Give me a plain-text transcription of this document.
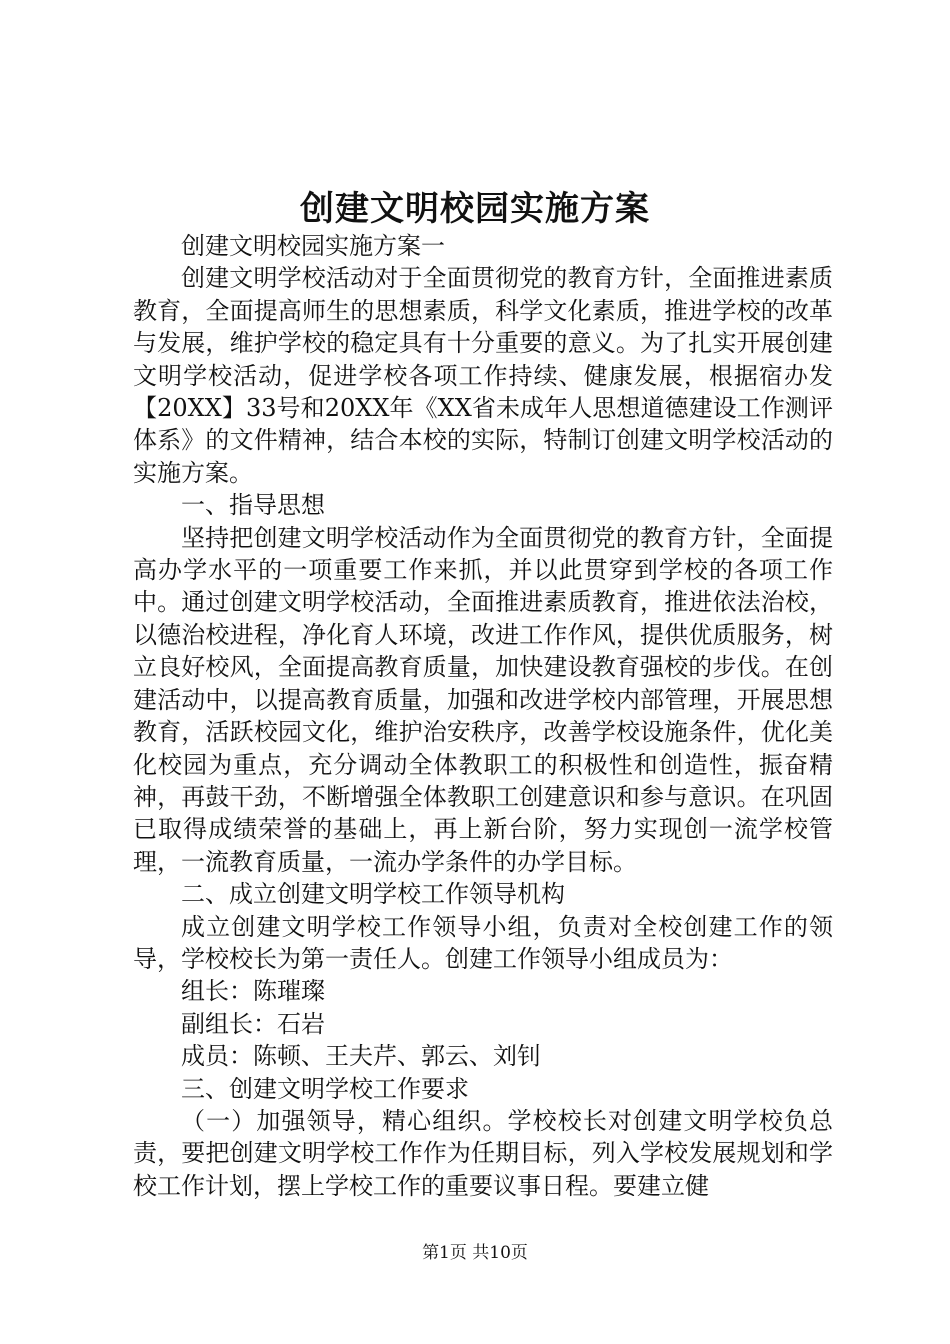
创建文明校园实施方案

创建文明校园实施方案一

创建文明学校活动对于全面贯彻党的教育方针，全面推进素质教育，全面提高师生的思想素质，科学文化素质，推进学校的改革与发展，维护学校的稳定具有十分重要的意义。为了扎实开展创建文明学校活动，促进学校各项工作持续、健康发展，根据宿办发【20XX】33号和20XX年《XX省未成年人思想道德建设工作测评体系》的文件精神，结合本校的实际，特制订创建文明学校活动的实施方案。

一、指导思想

坚持把创建文明学校活动作为全面贯彻党的教育方针，全面提高办学水平的一项重要工作来抓，并以此贯穿到学校的各项工作中。通过创建文明学校活动，全面推进素质教育，推进依法治校，以德治校进程，净化育人环境，改进工作作风，提供优质服务，树立良好校风，全面提高教育质量，加快建设教育强校的步伐。在创建活动中，以提高教育质量，加强和改进学校内部管理，开展思想教育，活跃校园文化，维护治安秩序，改善学校设施条件，优化美化校园为重点，充分调动全体教职工的积极性和创造性，振奋精神，再鼓干劲，不断增强全体教职工创建意识和参与意识。在巩固已取得成绩荣誉的基础上，再上新台阶，努力实现创一流学校管理，一流教育质量，一流办学条件的办学目标。

二、成立创建文明学校工作领导机构

成立创建文明学校工作领导小组，负责对全校创建工作的领导，学校校长为第一责任人。创建工作领导小组成员为：

组长：陈璀璨

副组长：石岩

成员：陈顿、王夫芹、郭云、刘钊

三、创建文明学校工作要求

（一）加强领导，精心组织。学校校长对创建文明学校负总责，要把创建文明学校工作作为任期目标，列入学校发展规划和学校工作计划，摆上学校工作的重要议事日程。要建立健

第1页 共10页
